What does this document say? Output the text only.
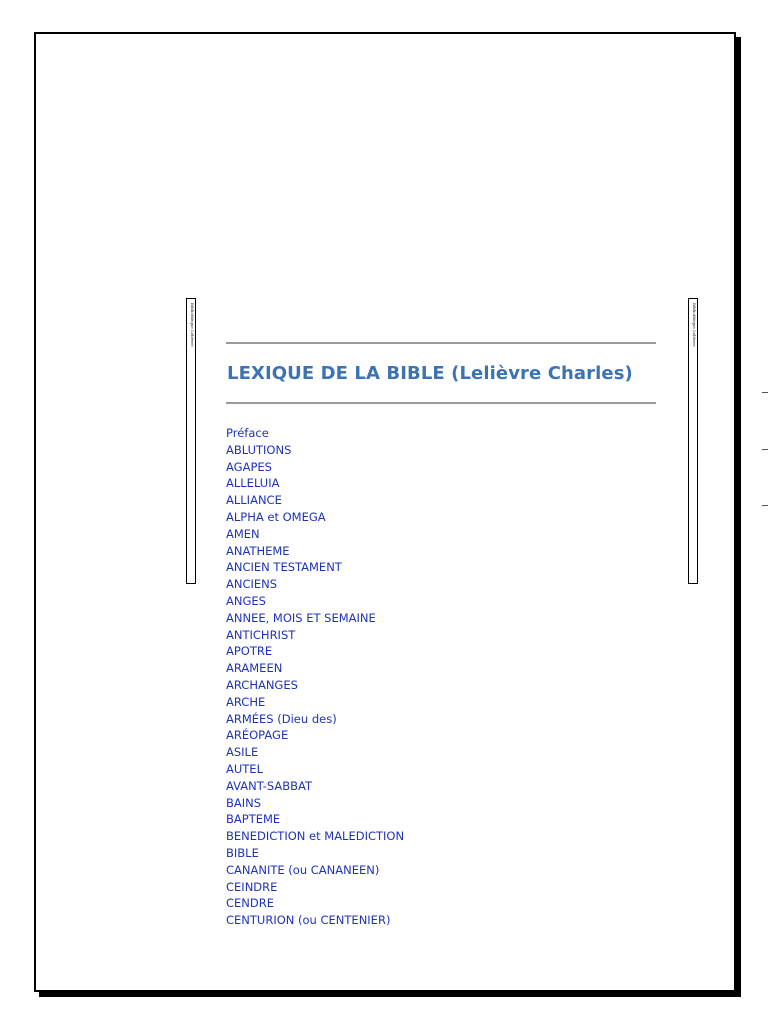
Bibliothèque Lelièvre	Bibliothèque Lelièvre
LEXIQUE DE LA BIBLE (Lelièvre Charles)
Préface
ABLUTIONS
AGAPES
ALLELUIA
ALLIANCE
ALPHA et OMEGA
AMEN
ANATHEME
ANCIEN TESTAMENT
ANCIENS
ANGES
ANNEE, MOIS ET SEMAINE
ANTICHRIST
APOTRE
ARAMEEN
ARCHANGES
ARCHE
ARMÉES (Dieu des)
ARÉOPAGE
ASILE
AUTEL
AVANT-SABBAT
BAINS
BAPTEME
BENEDICTION et MALEDICTION
BIBLE
CANANITE (ou CANANEEN)
CEINDRE
CENDRE
CENTURION (ou CENTENIER)
